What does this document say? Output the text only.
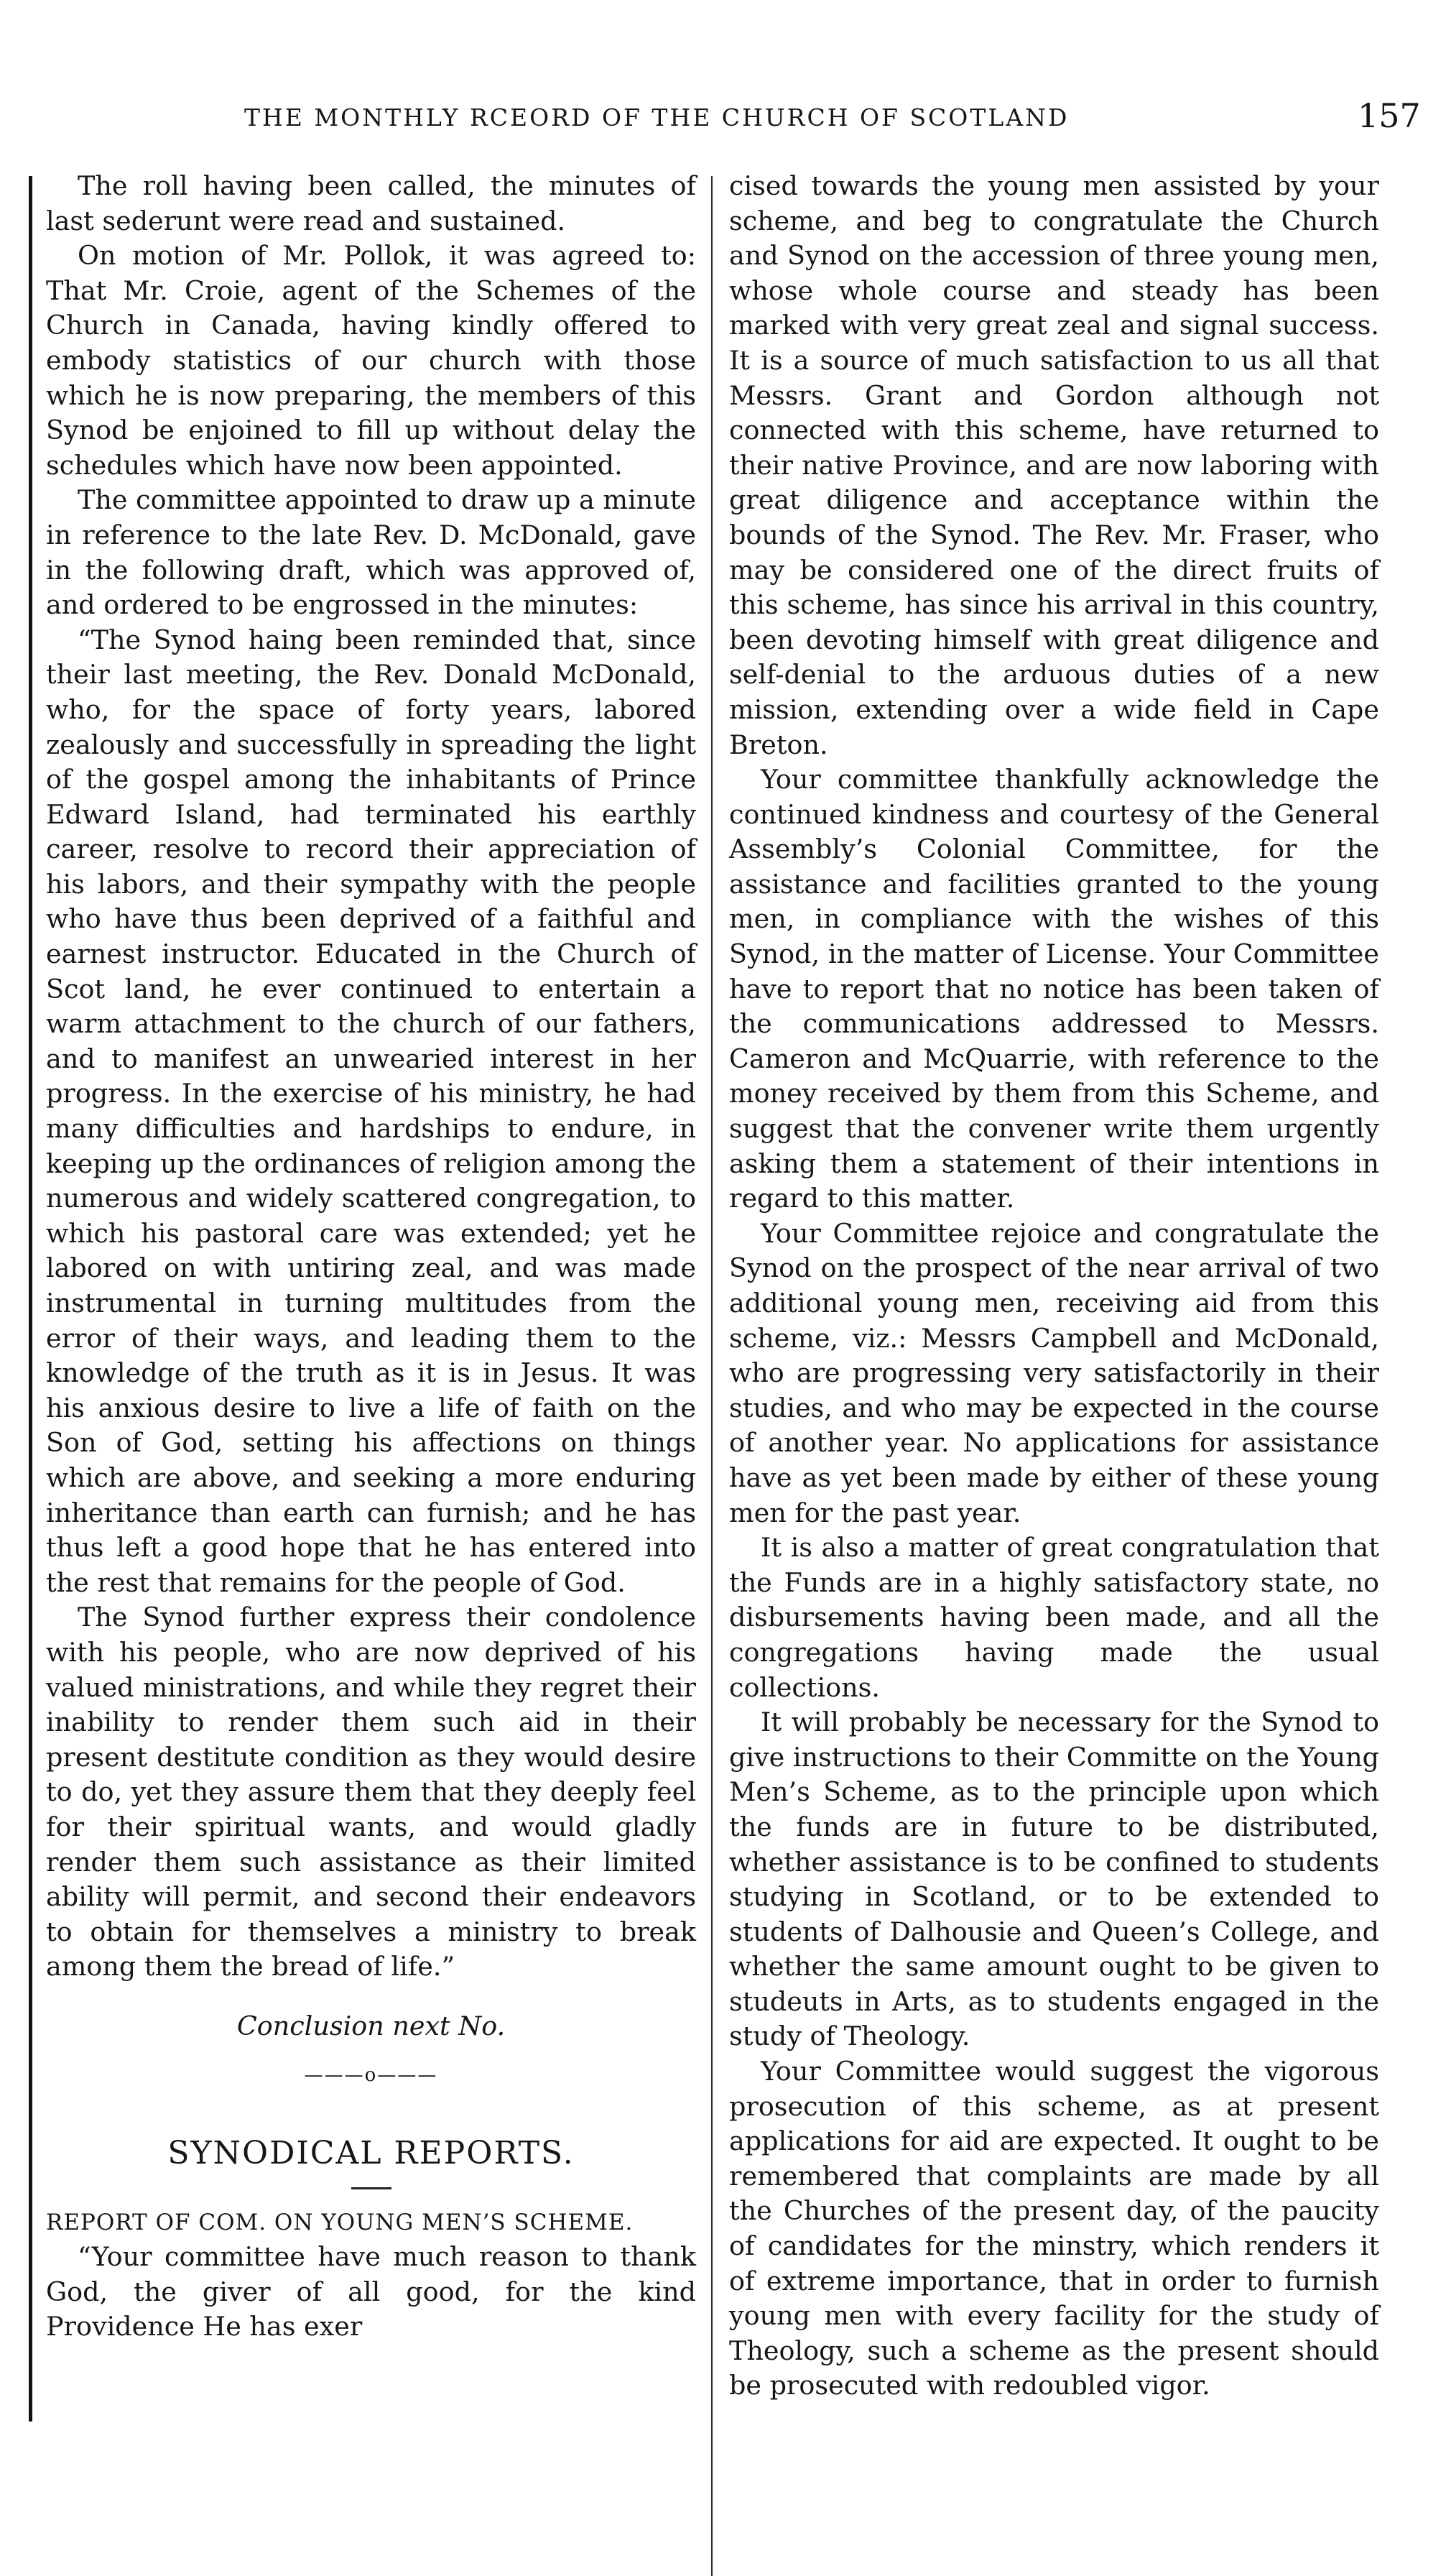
THE MONTHLY RCEORD OF THE CHURCH OF SCOTLAND	157

The roll having been called, the minutes of last sederunt were read and sustained.

On motion of Mr. Pollok, it was agreed to: That Mr. Croie, agent of the Schemes of the Church in Canada, having kindly offered to embody statistics of our church with those which he is now preparing, the members of this Synod be enjoined to fill up without delay the schedules which have now been appointed.

The committee appointed to draw up a minute in reference to the late Rev. D. McDonald, gave in the following draft, which was approved of, and ordered to be engrossed in the minutes:

“The Synod haing been reminded that, since their last meeting, the Rev. Donald McDonald, who, for the space of forty years, labored zealously and successfully in spreading the light of the gospel among the inhabitants of Prince Edward Island, had terminated his earthly career, resolve to record their appreciation of his labors, and their sympathy with the people who have thus been deprived of a faithful and earnest instructor. Educated in the Church of Scot land, he ever continued to entertain a warm attachment to the church of our fathers, and to manifest an unwearied interest in her progress. In the exercise of his ministry, he had many difficulties and hardships to endure, in keeping up the ordinances of religion among the numerous and widely scattered congregation, to which his pastoral care was extended; yet he labored on with untiring zeal, and was made instrumental in turning multitudes from the error of their ways, and leading them to the knowledge of the truth as it is in Jesus. It was his anxious desire to live a life of faith on the Son of God, setting his affections on things which are above, and seeking a more enduring inheritance than earth can furnish; and he has thus left a good hope that he has entered into the rest that remains for the people of God.

The Synod further express their condolence with his people, who are now deprived of his valued ministrations, and while they regret their inability to render them such aid in their present destitute condition as they would desire to do, yet they assure them that they deeply feel for their spiritual wants, and would gladly render them such assistance as their limited ability will permit, and second their endeavors to obtain for themselves a ministry to break among them the bread of life.”

Conclusion next No.

———o———

SYNODICAL REPORTS.

REPORT OF COM. ON YOUNG MEN’S SCHEME.

“Your committee have much reason to thank God, the giver of all good, for the kind Providence He has exer

cised towards the young men assisted by your scheme, and beg to congratulate the Church and Synod on the accession of three young men, whose whole course and steady has been marked with very great zeal and signal success. It is a source of much satisfaction to us all that Messrs. Grant and Gordon although not connected with this scheme, have returned to their native Province, and are now laboring with great diligence and acceptance within the bounds of the Synod. The Rev. Mr. Fraser, who may be considered one of the direct fruits of this scheme, has since his arrival in this country, been devoting himself with great diligence and self-denial to the arduous duties of a new mission, extending over a wide field in Cape Breton.

Your committee thankfully acknowledge the continued kindness and courtesy of the General Assembly’s Colonial Committee, for the assistance and facilities granted to the young men, in compliance with the wishes of this Synod, in the matter of License. Your Committee have to report that no notice has been taken of the communications addressed to Messrs. Cameron and McQuarrie, with reference to the money received by them from this Scheme, and suggest that the convener write them urgently asking them a statement of their intentions in regard to this matter.

Your Committee rejoice and congratulate the Synod on the prospect of the near arrival of two additional young men, receiving aid from this scheme, viz.: Messrs Campbell and McDonald, who are progressing very satisfactorily in their studies, and who may be expected in the course of another year. No applications for assistance have as yet been made by either of these young men for the past year.

It is also a matter of great congratulation that the Funds are in a highly satisfactory state, no disbursements having been made, and all the congregations having made the usual collections.

It will probably be necessary for the Synod to give instructions to their Committe on the Young Men’s Scheme, as to the principle upon which the funds are in future to be distributed, whether assistance is to be confined to students studying in Scotland, or to be extended to students of Dalhousie and Queen’s College, and whether the same amount ought to be given to studeuts in Arts, as to students engaged in the study of Theology.

Your Committee would suggest the vigorous prosecution of this scheme, as at present applications for aid are expected. It ought to be remembered that complaints are made by all the Churches of the present day, of the paucity of candidates for the minstry, which renders it of extreme importance, that in order to furnish young men with every facility for the study of Theology, such a scheme as the present should be prosecuted with redoubled vigor.
